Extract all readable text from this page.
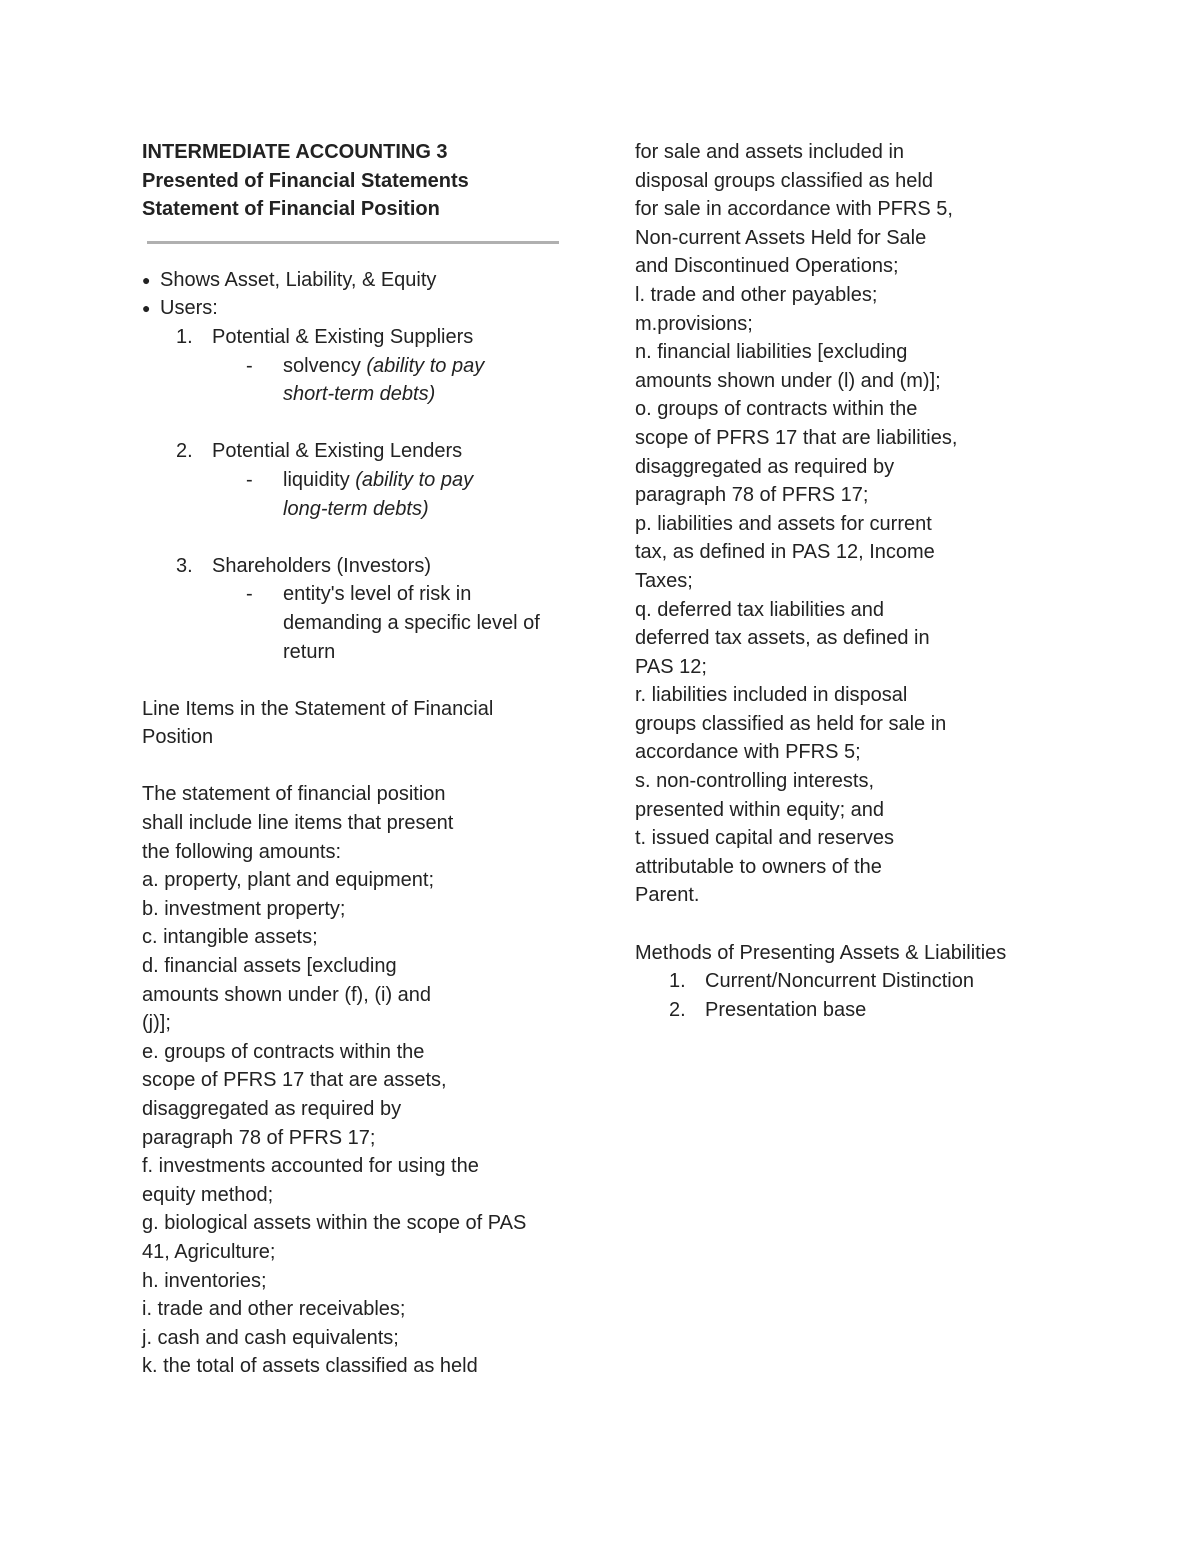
INTERMEDIATE ACCOUNTING 3
Presented of Financial Statements
Statement of Financial Position
● Shows Asset, Liability, & Equity
● Users:
1. Potential & Existing Suppliers
- solvency (ability to pay
short-term debts)
2. Potential & Existing Lenders
- liquidity (ability to pay
long-term debts)
3. Shareholders (Investors)
- entity's level of risk in
demanding a specific level of
return
Line Items in the Statement of Financial
Position
The statement of financial position
shall include line items that present
the following amounts:
a. property, plant and equipment;
b. investment property;
c. intangible assets;
d. financial assets [excluding
amounts shown under (f), (i) and
(j)];
e. groups of contracts within the
scope of PFRS 17 that are assets,
disaggregated as required by
paragraph 78 of PFRS 17;
f. investments accounted for using the
equity method;
g. biological assets within the scope of PAS
41, Agriculture;
h. inventories;
i. trade and other receivables;
j. cash and cash equivalents;
k. the total of assets classified as held
for sale and assets included in
disposal groups classified as held
for sale in accordance with PFRS 5,
Non-current Assets Held for Sale
and Discontinued Operations;
l. trade and other payables;
m.provisions;
n. financial liabilities [excluding
amounts shown under (l) and (m)];
o. groups of contracts within the
scope of PFRS 17 that are liabilities,
disaggregated as required by
paragraph 78 of PFRS 17;
p. liabilities and assets for current
tax, as defined in PAS 12, Income
Taxes;
q. deferred tax liabilities and
deferred tax assets, as defined in
PAS 12;
r. liabilities included in disposal
groups classified as held for sale in
accordance with PFRS 5;
s. non-controlling interests,
presented within equity; and
t. issued capital and reserves
attributable to owners of the
Parent.
Methods of Presenting Assets & Liabilities
1. Current/Noncurrent Distinction
2. Presentation base
